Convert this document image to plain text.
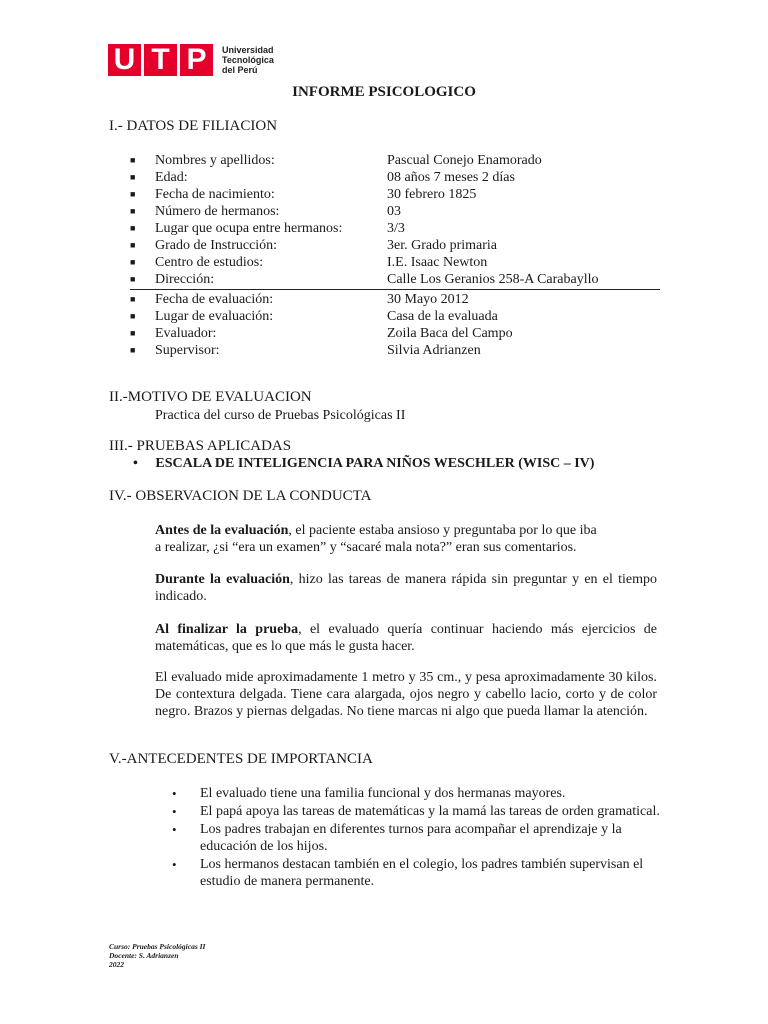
U T P	Universidad
Tecnológica
del Perú
INFORME PSICOLOGICO
I.- DATOS DE FILIACION
■ Nombres y apellidos:	Pascual Conejo Enamorado
■ Edad:	08 años 7 meses 2 días
■ Fecha de nacimiento:	30 febrero 1825
■ Número de hermanos:	03
■ Lugar que ocupa entre hermanos:	3/3
■ Grado de Instrucción:	3er. Grado primaria
■ Centro de estudios:	I.E. Isaac Newton
■ Dirección:	Calle Los Geranios 258-A Carabayllo
■ Fecha de evaluación:	30 Mayo 2012
■ Lugar de evaluación:	Casa de la evaluada
■ Evaluador:	Zoila Baca del Campo
■ Supervisor:	Silvia Adrianzen
II.-MOTIVO DE EVALUACION
Practica del curso de Pruebas Psicológicas II
III.- PRUEBAS APLICADAS
• ESCALA DE INTELIGENCIA PARA NIÑOS WESCHLER (WISC – IV)
IV.- OBSERVACION DE LA CONDUCTA
Antes de la evaluación, el paciente estaba ansioso y preguntaba por lo que iba
a realizar, ¿si “era un examen” y “sacaré mala nota?” eran sus comentarios.
Durante la evaluación, hizo las tareas de manera rápida sin preguntar y en el tiempo indicado.
Al finalizar la prueba, el evaluado quería continuar haciendo más ejercicios de matemáticas, que es lo que más le gusta hacer.
El evaluado mide aproximadamente 1 metro y 35 cm., y pesa aproximadamente 30 kilos. De contextura delgada. Tiene cara alargada, ojos negro y cabello lacio, corto y de color negro. Brazos y piernas delgadas. No tiene marcas ni algo que pueda llamar la atención.
V.-ANTECEDENTES DE IMPORTANCIA
• El evaluado tiene una familia funcional y dos hermanas mayores.
• El papá apoya las tareas de matemáticas y la mamá las tareas de orden gramatical.
• Los padres trabajan en diferentes turnos para acompañar el aprendizaje y la educación de los hijos.
• Los hermanos destacan también en el colegio, los padres también supervisan el estudio de manera permanente.
Curso: Pruebas Psicológicas II
Docente: S. Adrianzen
2022
